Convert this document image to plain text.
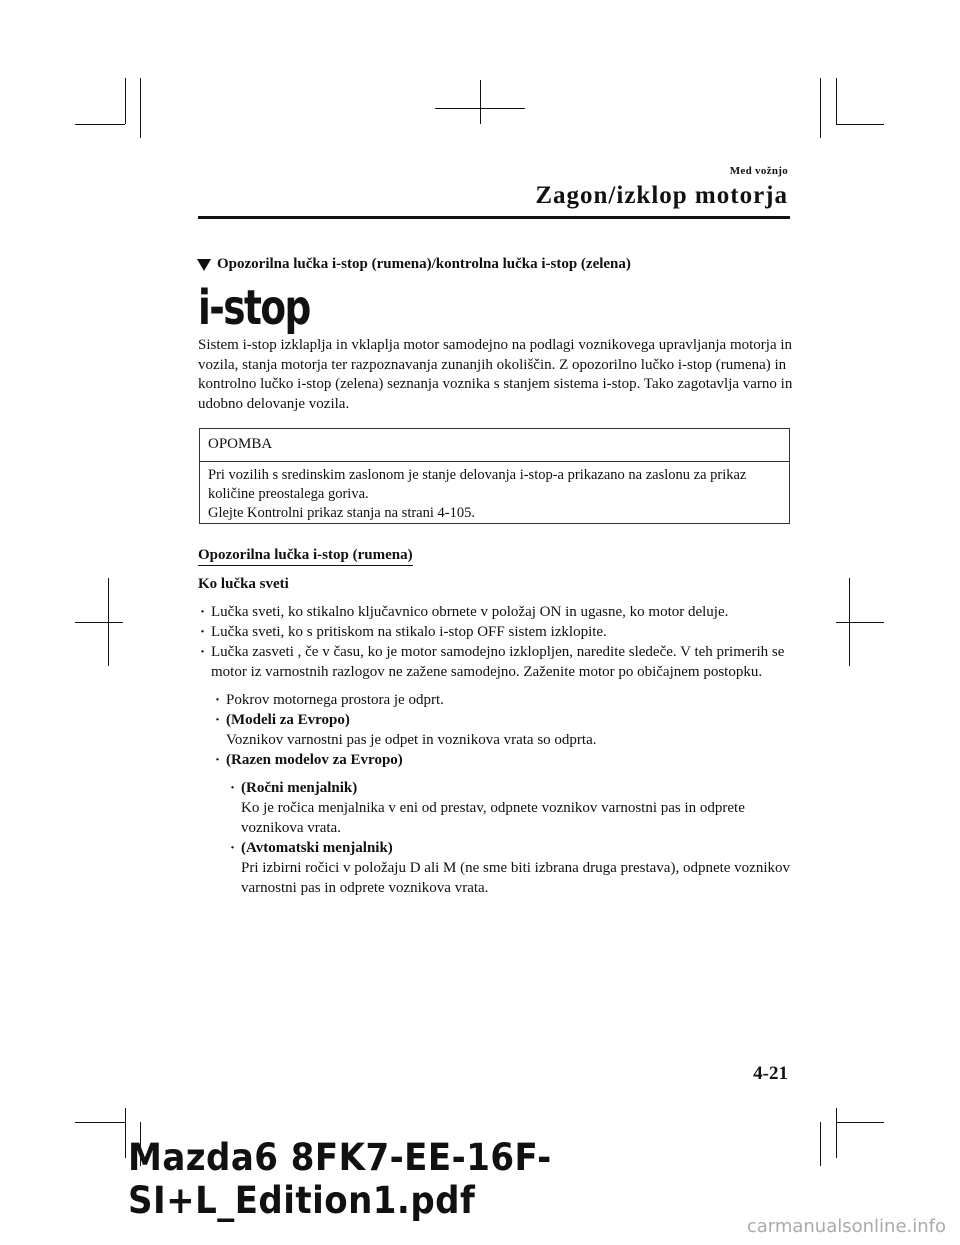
Med vožnjo
Zagon/izklop motorja
Opozorilna lučka i-stop (rumena)/kontrolna lučka i-stop (zelena)
i-stop
Sistem i-stop izklaplja in vklaplja motor samodejno na podlagi voznikovega upravljanja motorja in vozila, stanja motorja ter razpoznavanja zunanjih okoliščin. Z opozorilno lučko i-stop (rumena) in kontrolno lučko i-stop (zelena) seznanja voznika s stanjem sistema i-stop. Tako zagotavlja varno in udobno delovanje vozila.
OPOMBA
Pri vozilih s sredinskim zaslonom je stanje delovanja i-stop-a prikazano na zaslonu za prikaz količine preostalega goriva.
Glejte Kontrolni prikaz stanja na strani 4-105.
Opozorilna lučka i-stop (rumena)
Ko lučka sveti
· Lučka sveti, ko stikalno ključavnico obrnete v položaj ON in ugasne, ko motor deluje.
· Lučka sveti, ko s pritiskom na stikalo i-stop OFF sistem izklopite.
· Lučka zasveti , če v času, ko je motor samodejno izklopljen, naredite sledeče. V teh primerih se motor iz varnostnih razlogov ne zažene samodejno. Zaženite motor po običajnem postopku.
· Pokrov motornega prostora je odprt.
· (Modeli za Evropo)
Voznikov varnostni pas je odpet in voznikova vrata so odprta.
· (Razen modelov za Evropo)
· (Ročni menjalnik)
Ko je ročica menjalnika v eni od prestav, odpnete voznikov varnostni pas in odprete voznikova vrata.
· (Avtomatski menjalnik)
Pri izbirni ročici v položaju D ali M (ne sme biti izbrana druga prestava), odpnete voznikov varnostni pas in odprete voznikova vrata.
4-21
Mazda6 8FK7-EE-16F-SI+L_Edition1.pdf
carmanualsonline.info
